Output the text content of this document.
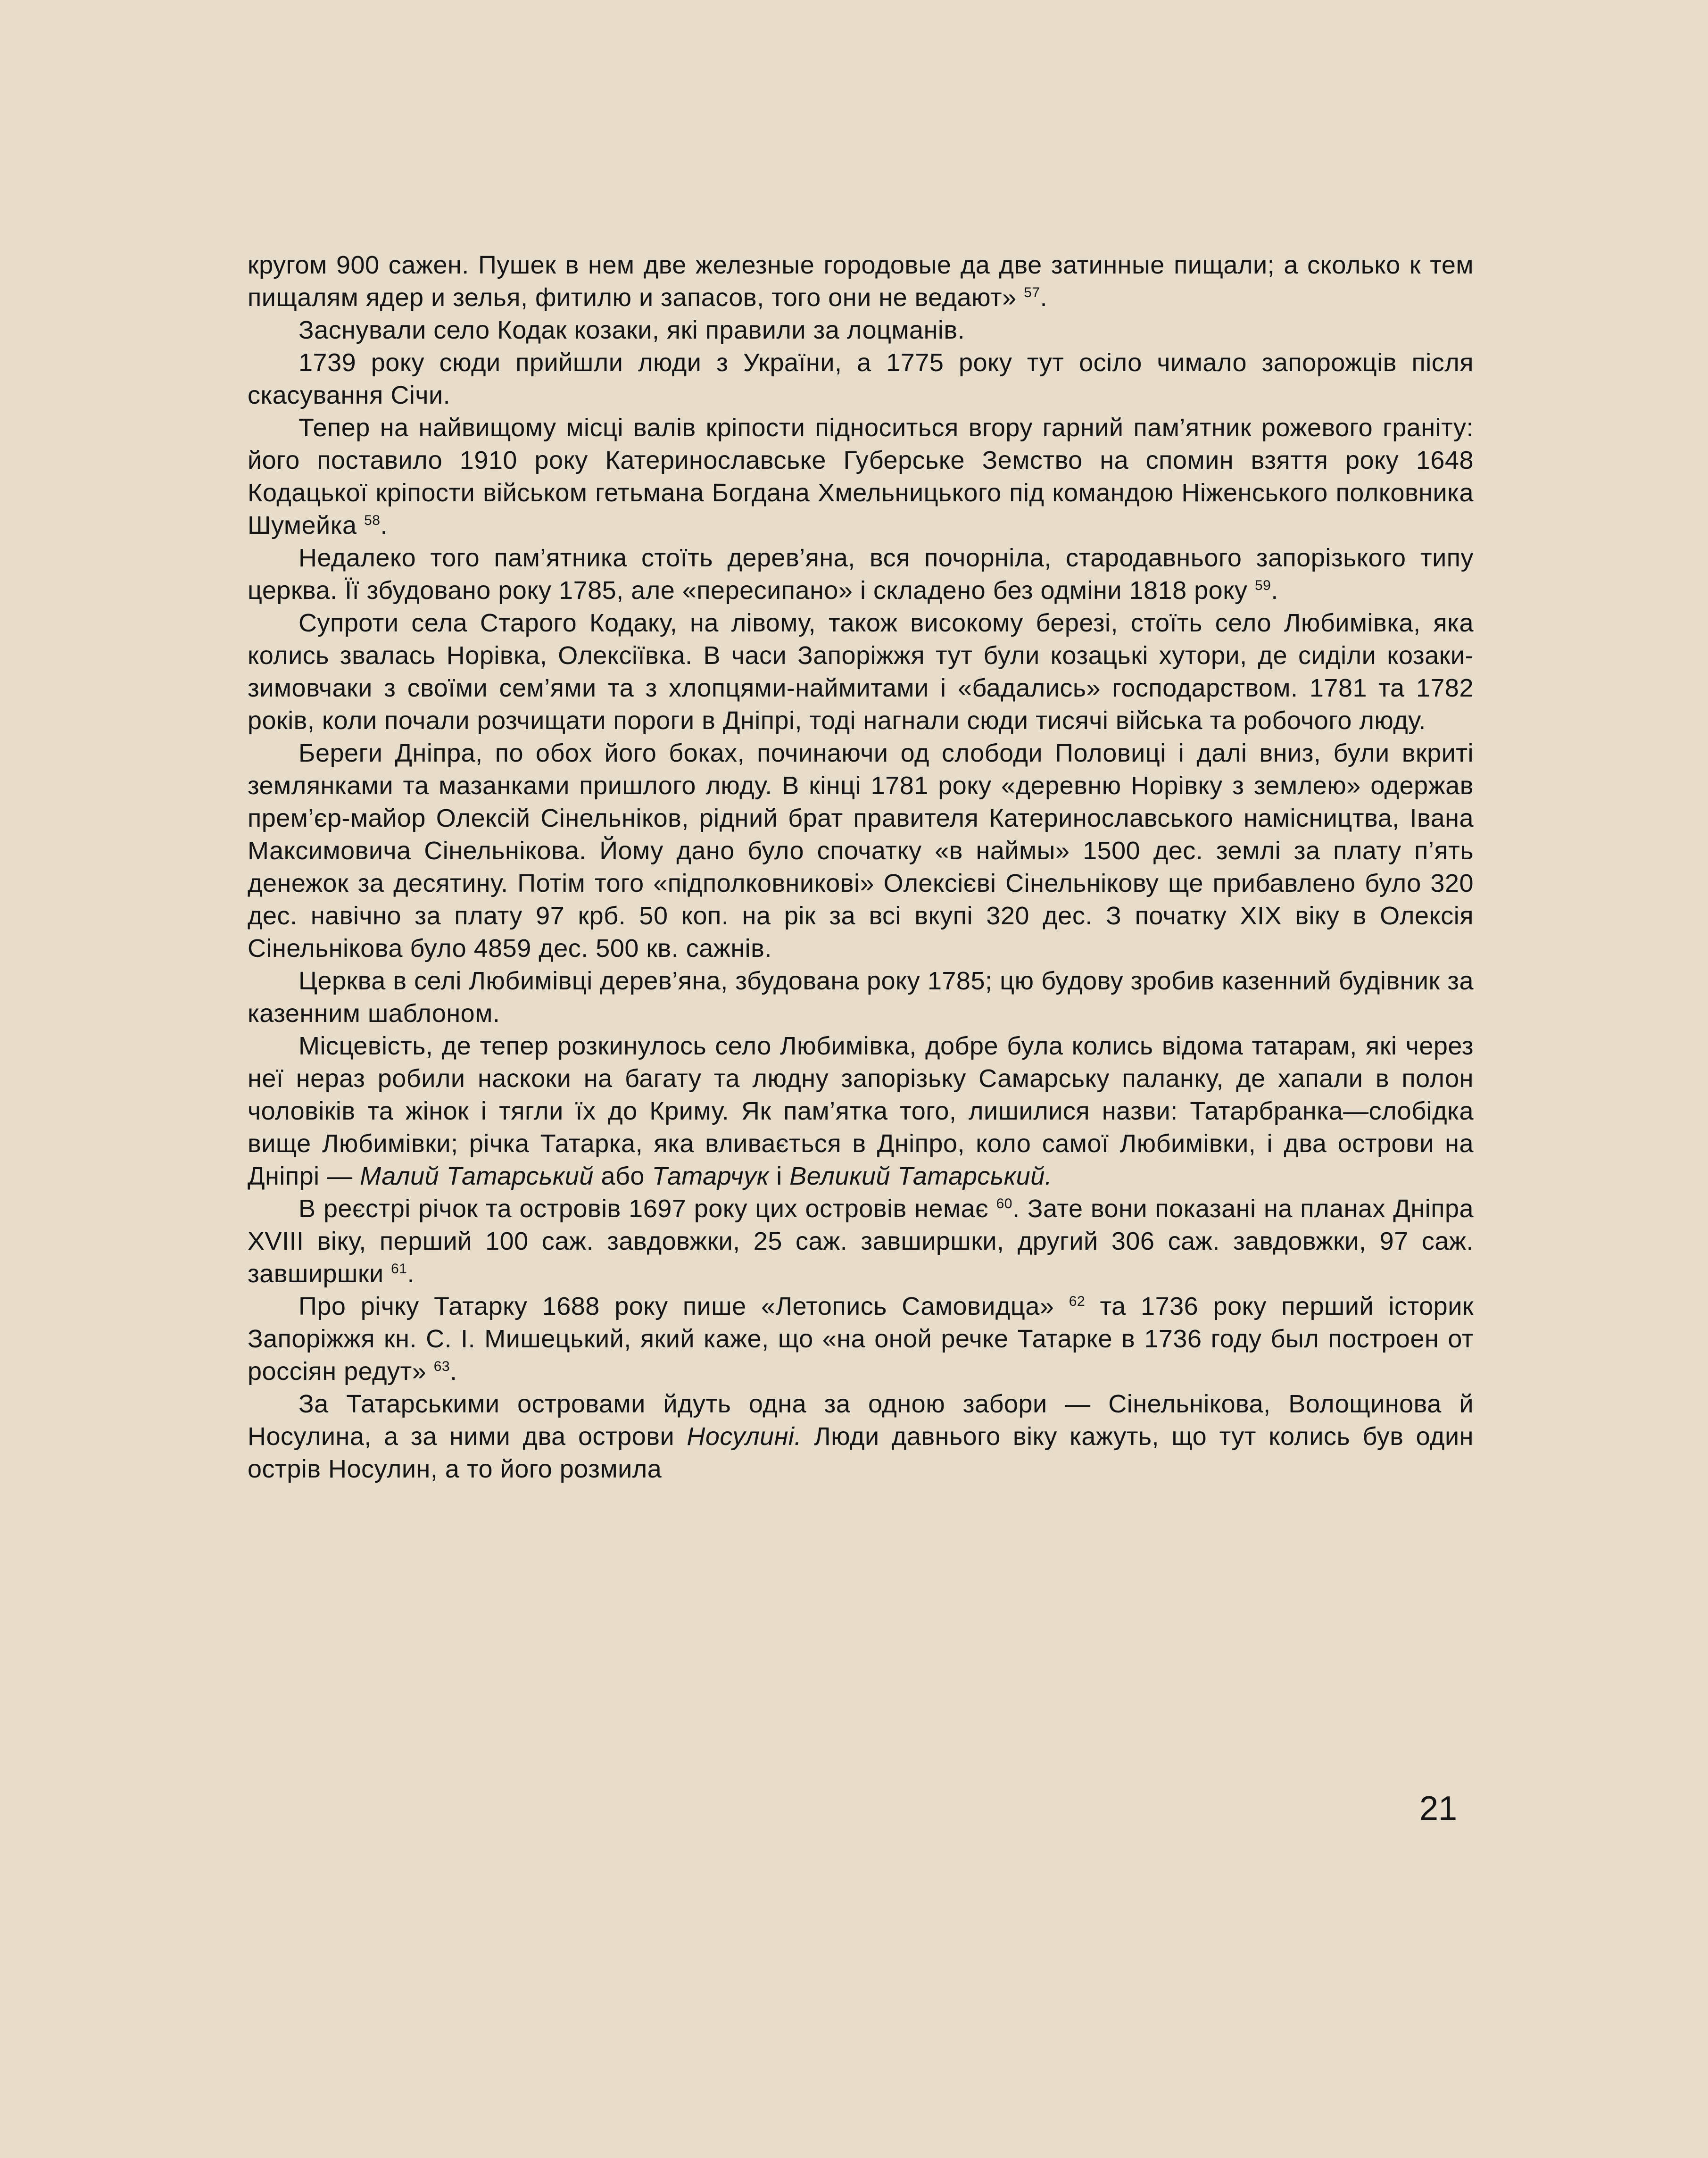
кругом 900 сажен. Пушек в нем две железные городовые да две затинные пищали; а сколько к тем пищалям ядер и зелья, фитилю и запасов, того они не ведают» $^{57}$.

Заснували село Кодак козаки, які правили за лоцманів.

1739 року сюди прийшли люди з України, а 1775 року тут осіло чимало запорожців після скасування Січи.

Тепер на найвищому місці валів кріпости підноситься вгору гарний пам’ятник рожевого граніту: його поставило 1910 року Катеринославське Губерське Земство на спомин взяття року 1648 Кодацької кріпости військом гетьмана Богдана Хмельницького під командою Ніженського полковника Шумейка $^{58}$.

Недалеко того пам’ятника стоїть дерев’яна, вся почорніла, стародавнього запорізького типу церква. Її збудовано року 1785, але «пересипано» і складено без одміни 1818 року $^{59}$.

Супроти села Старого Кодаку, на лівому, також високому березі, стоїть село Любимівка, яка колись звалась Норівка, Олексіївка. В часи Запоріжжя тут були козацькі хутори, де сиділи козаки-зимовчаки з своїми сем’ями та з хлопцями-наймитами і «бадались» господарством. 1781 та 1782 років, коли почали розчищати пороги в Дніпрі, тоді нагнали сюди тисячі війська та робочого люду.

Береги Дніпра, по обох його боках, починаючи од слободи Половиці і далі вниз, були вкриті землянками та мазанками пришлого люду. В кінці 1781 року «деревню Норівку з землею» одержав прем’єр-майор Олексій Сінельніков, рідний брат правителя Катеринославського намісництва, Івана Максимовича Сінельнікова. Йому дано було спочатку «в наймы» 1500 дес. землі за плату п’ять денежок за десятину. Потім того «підполковникові» Олексієві Сінельнікову ще прибавлено було 320 дес. навічно за плату 97 крб. 50 коп. на рік за всі вкупі 320 дес. З початку XIX віку в Олексія Сінельнікова було 4859 дес. 500 кв. сажнів.

Церква в селі Любимівці дерев’яна, збудована року 1785; цю будову зробив казенний будівник за казенним шаблоном.

Місцевість, де тепер розкинулось село Любимівка, добре була колись відома татарам, які через неї нераз робили наскоки на багату та людну запорізьку Самарську паланку, де хапали в полон чоловіків та жінок і тягли їх до Криму. Як пам’ятка того, лишилися назви: Татарбранка—слобідка вище Любимівки; річка Татарка, яка вливається в Дніпро, коло самої Любимівки, і два острови на Дніпрі — Малий Татарський або Татарчук і Великий Татарський.

В реєстрі річок та островів 1697 року цих островів немає $^{60}$. Зате вони показані на планах Дніпра XVIII віку, перший 100 саж. завдовжки, 25 саж. завширшки, другий 306 саж. завдовжки, 97 саж. завширшки $^{61}$.

Про річку Татарку 1688 року пише «Летопись Самовидца» $^{62}$ та 1736 року перший історик Запоріжжя кн. С. І. Мишецький, який каже, що «на оной речке Татарке в 1736 году был построен от россіян редут» $^{63}$.

За Татарськими островами йдуть одна за одною забори — Сінельнікова, Волощинова й Носулина, а за ними два острови Носулині. Люди давнього віку кажуть, що тут колись був один острів Носулин, а то його розмила

21
